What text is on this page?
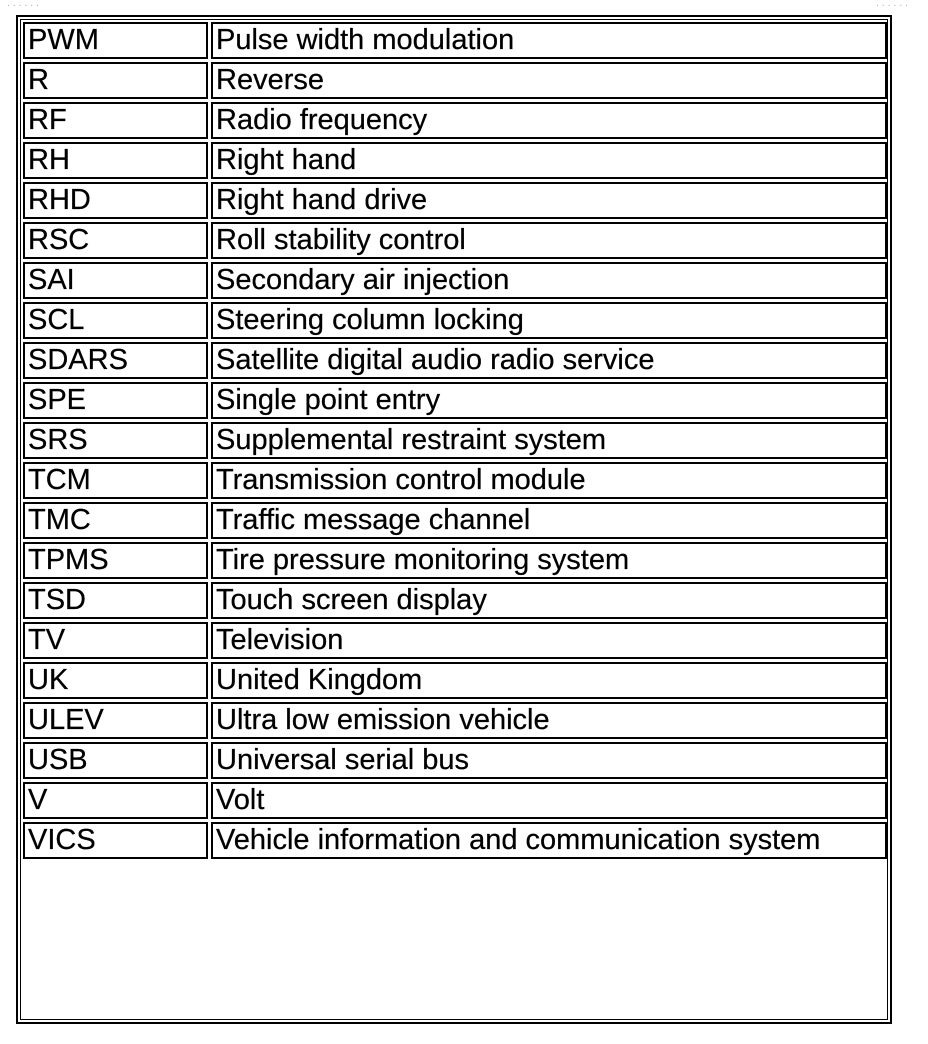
......	......
PWM	Pulse width modulation
R	Reverse
RF	Radio frequency
RH	Right hand
RHD	Right hand drive
RSC	Roll stability control
SAI	Secondary air injection
SCL	Steering column locking
SDARS	Satellite digital audio radio service
SPE	Single point entry
SRS	Supplemental restraint system
TCM	Transmission control module
TMC	Traffic message channel
TPMS	Tire pressure monitoring system
TSD	Touch screen display
TV	Television
UK	United Kingdom
ULEV	Ultra low emission vehicle
USB	Universal serial bus
V	Volt
VICS	Vehicle information and communication system
